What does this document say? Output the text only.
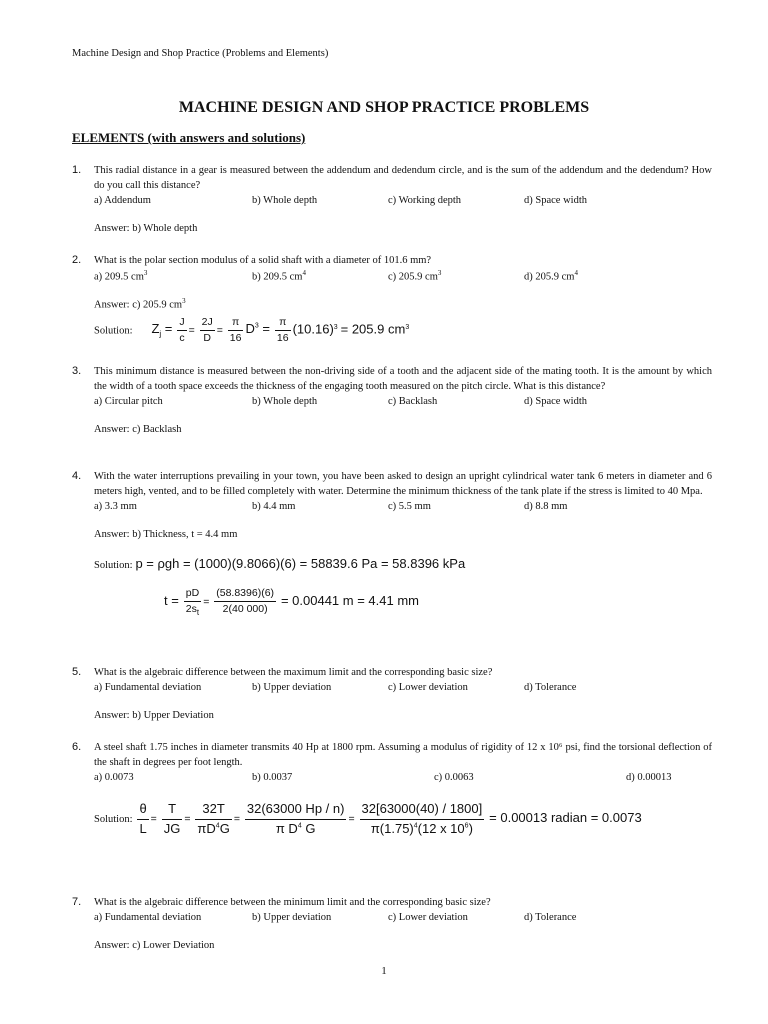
Machine Design and Shop Practice (Problems and Elements)
MACHINE DESIGN AND SHOP PRACTICE PROBLEMS
ELEMENTS (with answers and solutions)
1.	This radial distance in a gear is measured between the addendum and dedendum circle, and is the sum of the addendum and the dedendum? How do you call this distance?
a) Addendum	b) Whole depth	c) Working depth	d) Space width
Answer: b) Whole depth
2.	What is the polar section modulus of a solid shaft with a diameter of 101.6 mm?
a) 209.5 $cm^3$	b) 209.5 $cm^4$	c) 205.9 $cm^3$	d) 205.9 $cm^4$
Answer: c) 205.9 $cm^3$
Solution: $Z_j = \frac{J}{c} = \frac{2J}{D} = \frac{\pi}{16} D^3 = \frac{\pi}{16} (10.16)^3 = 205.9$ $cm^3$
3.	This minimum distance is measured between the non-driving side of a tooth and the adjacent side of the mating tooth. It is the amount by which the width of a tooth space exceeds the thickness of the engaging tooth measured on the pitch circle. What is this distance?
a) Circular pitch	b) Whole depth	c) Backlash	d) Space width
Answer: c) Backlash
4.	With the water interruptions prevailing in your town, you have been asked to design an upright cylindrical water tank 6 meters in diameter and 6 meters high, vented, and to be filled completely with water. Determine the minimum thickness of the tank plate if the stress is limited to 40 Mpa.
a) 3.3 mm	b) 4.4 mm	c) 5.5 mm	d) 8.8 mm
Answer: b) Thickness, t = 4.4 mm
Solution: p = ρgh = (1000)(9.8066)(6) = 58839.6 Pa = 58.8396 kPa
$t = \frac{pD}{2s_t} = \frac{(58.8396)(6)}{2(40 000)} = 0.00441$ m = 4.41 mm
5.	What is the algebraic difference between the maximum limit and the corresponding basic size?
a) Fundamental deviation	b) Upper deviation	c) Lower deviation	d) Tolerance
Answer: b) Upper Deviation
6.	A steel shaft 1.75 inches in diameter transmits 40 Hp at 1800 rpm. Assuming a modulus of rigidity of 12 x 10⁶ psi, find the torsional deflection of the shaft in degrees per foot length.
a) 0.0073	b) 0.0037	c) 0.0063	d) 0.00013
Solution: $\frac{\theta}{L} = \frac{T}{JG} = \frac{32T}{\pi D^4G} = \frac{32(63000 Hp / n)}{\pi D^4 G} = \frac{32[63000(40) / 1800]}{\pi(1.75)^4(12 x 10^6)} = 0.00013$ radian = 0.0073
7.	What is the algebraic difference between the minimum limit and the corresponding basic size?
a) Fundamental deviation	b) Upper deviation	c) Lower deviation	d) Tolerance
Answer: c) Lower Deviation
1
